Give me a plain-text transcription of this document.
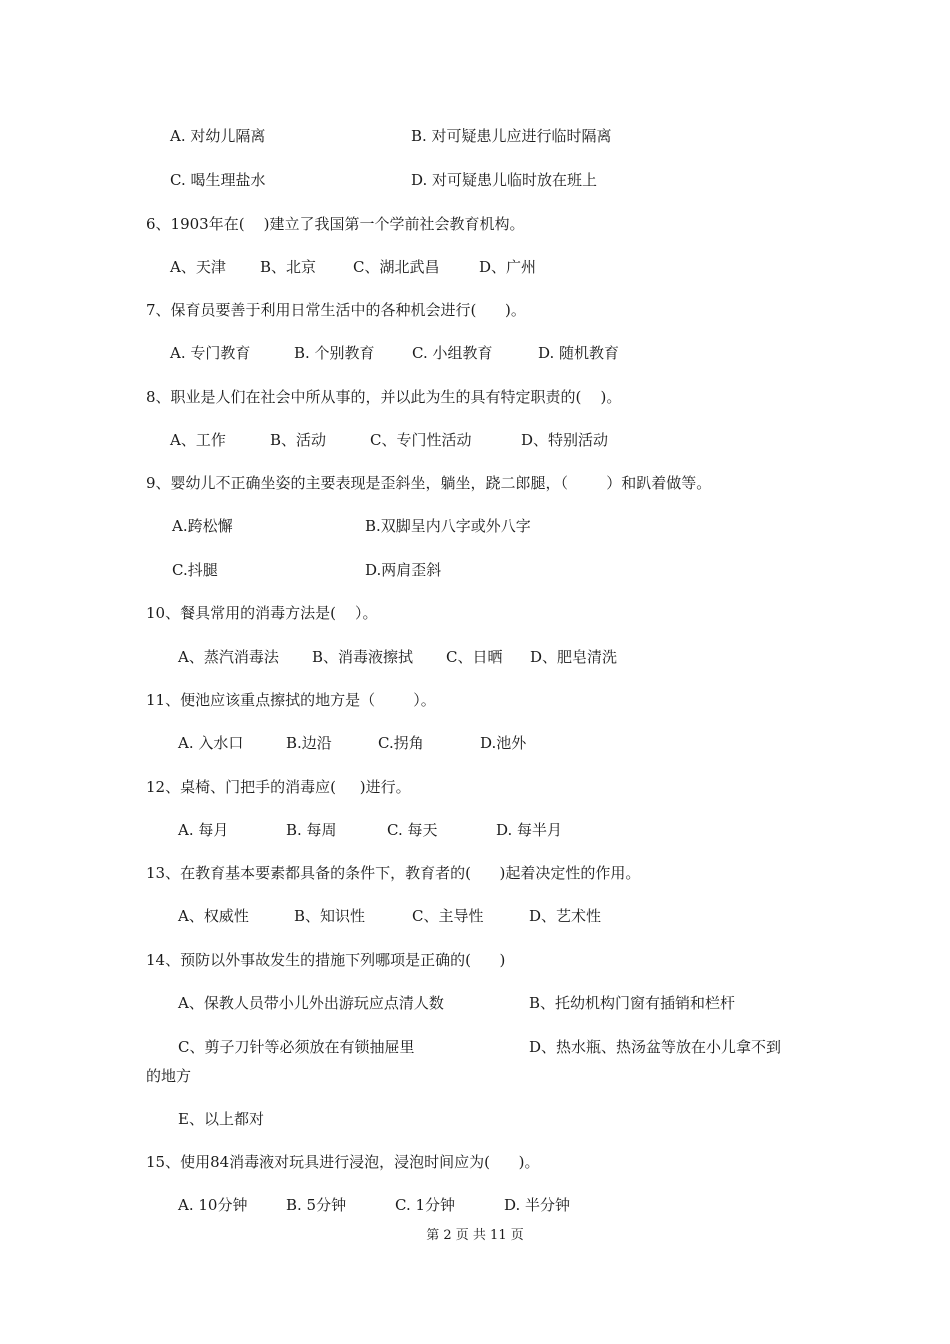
A. 对幼儿隔离	B. 对可疑患儿应进行临时隔离
C. 喝生理盐水	D. 对可疑患儿临时放在班上
6、1903年在(    )建立了我国第一个学前社会教育机构。
A、天津 B、北京 C、湖北武昌	D、广州
7、保育员要善于利用日常生活中的各种机会进行(      )。
A. 专门教育	B. 个别教育 C. 小组教育	D. 随机教育
8、职业是人们在社会中所从事的，并以此为生的具有特定职责的(    )。
A、工作	B、活动	C、专门性活动	D、特别活动
9、婴幼儿不正确坐姿的主要表现是歪斜坐，躺坐，跷二郎腿，（        ）和趴着做等。
A.跨松懈	B.双脚呈内八字或外八字
C.抖腿	D.两肩歪斜
10、餐具常用的消毒方法是(    ）。
A、蒸汽消毒法 B、消毒液擦拭 C、日晒 D、肥皂清洗
11、便池应该重点擦拭的地方是（        ）。
A. 入水口	B.边沿	C.拐角	D.池外
12、桌椅、门把手的消毒应(     )进行。
A. 每月	B. 每周	C. 每天	D. 每半月
13、在教育基本要素都具备的条件下，教育者的(      )起着决定性的作用。
A、权威性	B、知识性	C、主导性	D、艺术性
14、预防以外事故发生的措施下列哪项是正确的(      )
A、保教人员带小儿外出游玩应点清人数	B、托幼机构门窗有插销和栏杆
C、剪子刀针等必须放在有锁抽屉里	D、热水瓶、热汤盆等放在小儿拿不到
的地方
E、以上都对
15、使用84消毒液对玩具进行浸泡，浸泡时间应为(      )。
A. 10分钟	B. 5分钟	C. 1分钟	D. 半分钟
第 2 页 共 11 页
